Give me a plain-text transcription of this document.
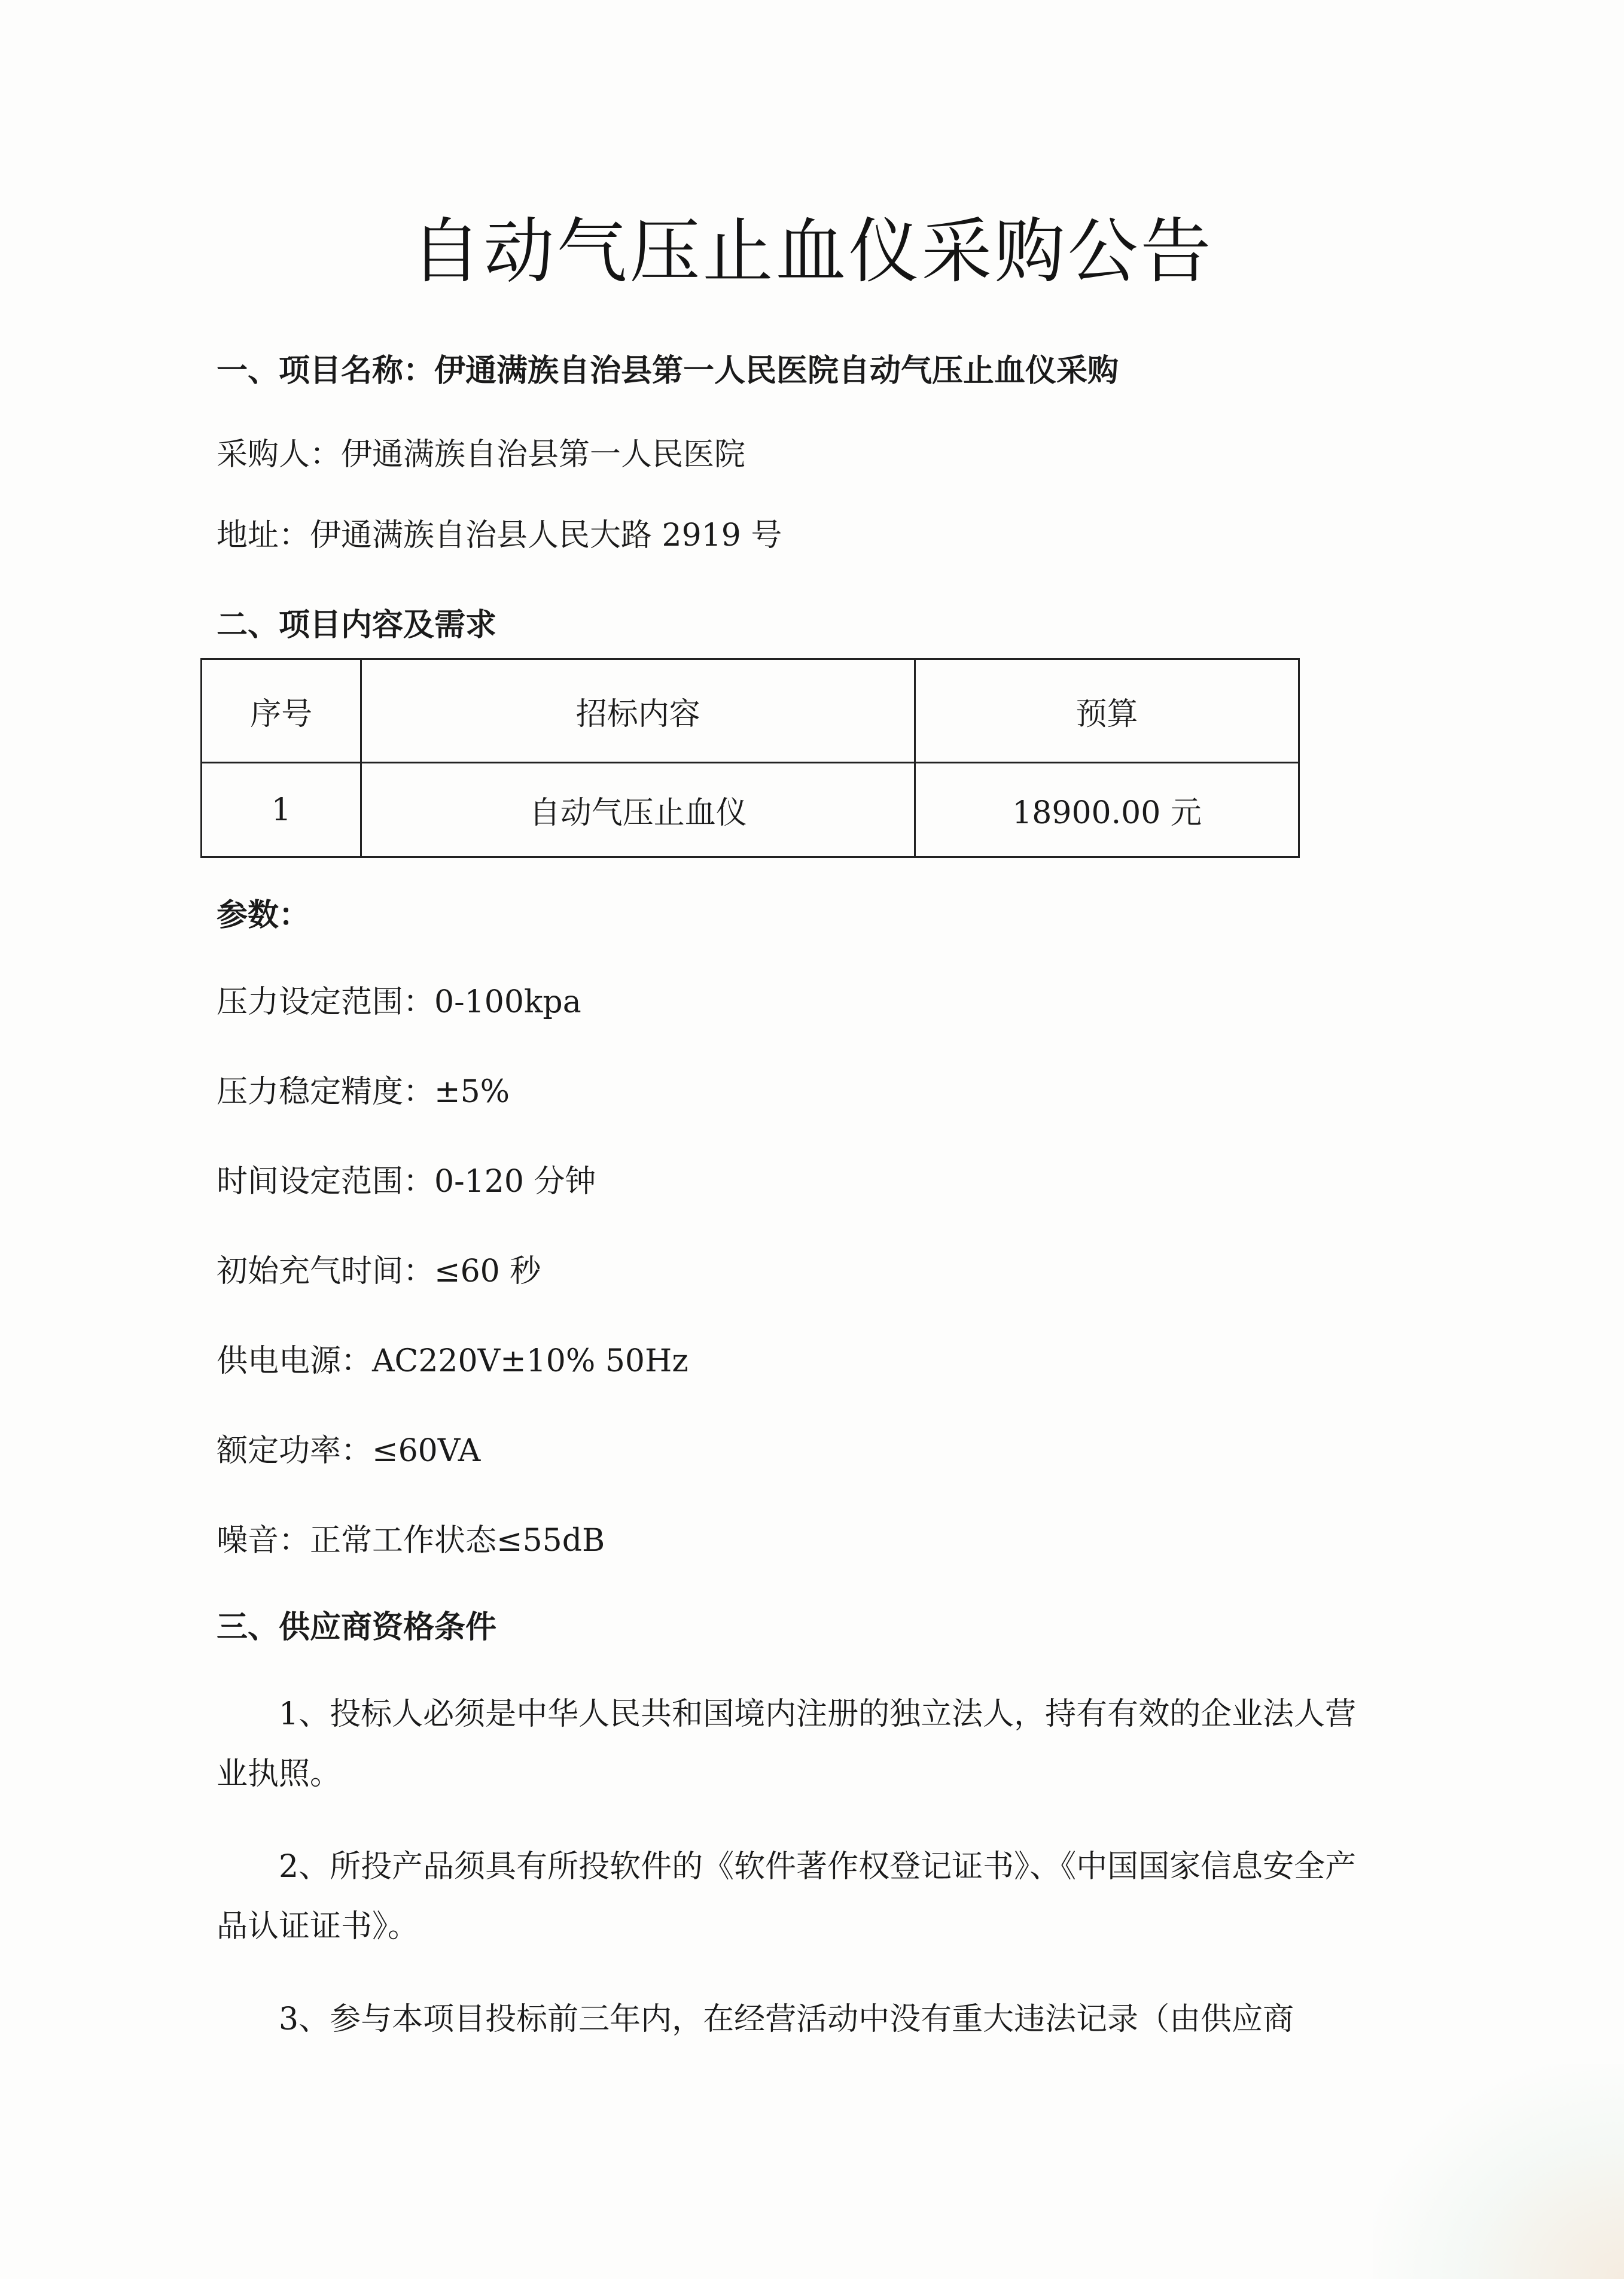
自动气压止血仪采购公告
一、项目名称：伊通满族自治县第一人民医院自动气压止血仪采购
采购人：伊通满族自治县第一人民医院
地址：伊通满族自治县人民大路 2919 号
二、项目内容及需求
序号	招标内容	预算
1	自动气压止血仪	18900.00 元
参数：
压力设定范围：0-100kpa
压力稳定精度：±5%
时间设定范围：0-120 分钟
初始充气时间：≤60 秒
供电电源：AC220V±10% 50Hz
额定功率：≤60VA
噪音：正常工作状态≤55dB
三、供应商资格条件
1、投标人必须是中华人民共和国境内注册的独立法人，持有有效的企业法人营业执照。
2、所投产品须具有所投软件的《软件著作权登记证书》、《中国国家信息安全产品认证证书》。
3、参与本项目投标前三年内，在经营活动中没有重大违法记录（由供应商
